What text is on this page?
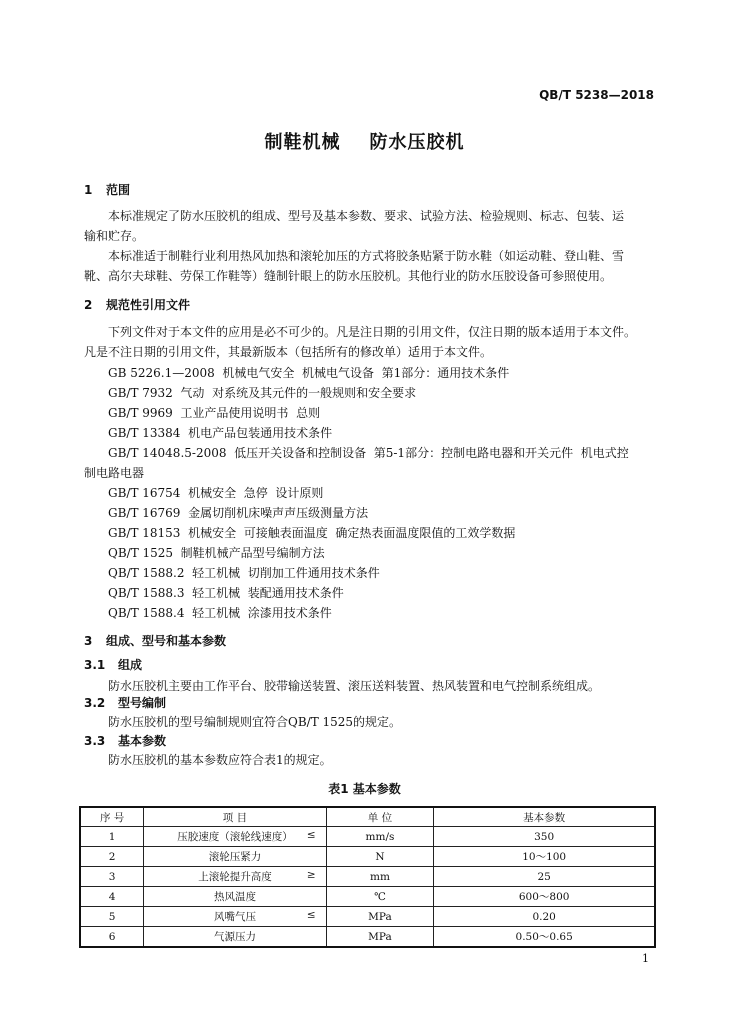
QB/T 5238—2018
制鞋机械    防水压胶机
1 范围
本标准规定了防水压胶机的组成、型号及基本参数、要求、试验方法、检验规则、标志、包装、运
输和贮存。
本标准适于制鞋行业利用热风加热和滚轮加压的方式将胶条贴紧于防水鞋（如运动鞋、登山鞋、雪
靴、高尔夫球鞋、劳保工作鞋等）缝制针眼上的防水压胶机。其他行业的防水压胶设备可参照使用。
2 规范性引用文件
下列文件对于本文件的应用是必不可少的。凡是注日期的引用文件，仅注日期的版本适用于本文件。
凡是不注日期的引用文件，其最新版本（包括所有的修改单）适用于本文件。
GB 5226.1—2008  机械电气安全  机械电气设备  第1部分：通用技术条件
GB/T 7932  气动  对系统及其元件的一般规则和安全要求
GB/T 9969  工业产品使用说明书  总则
GB/T 13384  机电产品包装通用技术条件
GB/T 14048.5-2008  低压开关设备和控制设备  第5-1部分：控制电路电器和开关元件  机电式控
制电路电器
GB/T 16754  机械安全  急停  设计原则
GB/T 16769  金属切削机床噪声声压级测量方法
GB/T 18153  机械安全  可接触表面温度  确定热表面温度限值的工效学数据
QB/T 1525  制鞋机械产品型号编制方法
QB/T 1588.2  轻工机械  切削加工件通用技术条件
QB/T 1588.3  轻工机械  装配通用技术条件
QB/T 1588.4  轻工机械  涂漆用技术条件
3 组成、型号和基本参数
3.1 组成
防水压胶机主要由工作平台、胶带输送装置、滚压送料装置、热风装置和电气控制系统组成。
3.2 型号编制
防水压胶机的型号编制规则宜符合QB/T 1525的规定。
3.3 基本参数
防水压胶机的基本参数应符合表1的规定。
表1 基本参数
序 号	项 目	单 位	基本参数
1	压胶速度（滚轮线速度） ≤	mm/s	350
2	滚轮压紧力	N	10～100
3	上滚轮提升高度 ≥	mm	25
4	热风温度	℃	600～800
5	风嘴气压 ≤	MPa	0.20
6	气源压力	MPa	0.50～0.65
1
